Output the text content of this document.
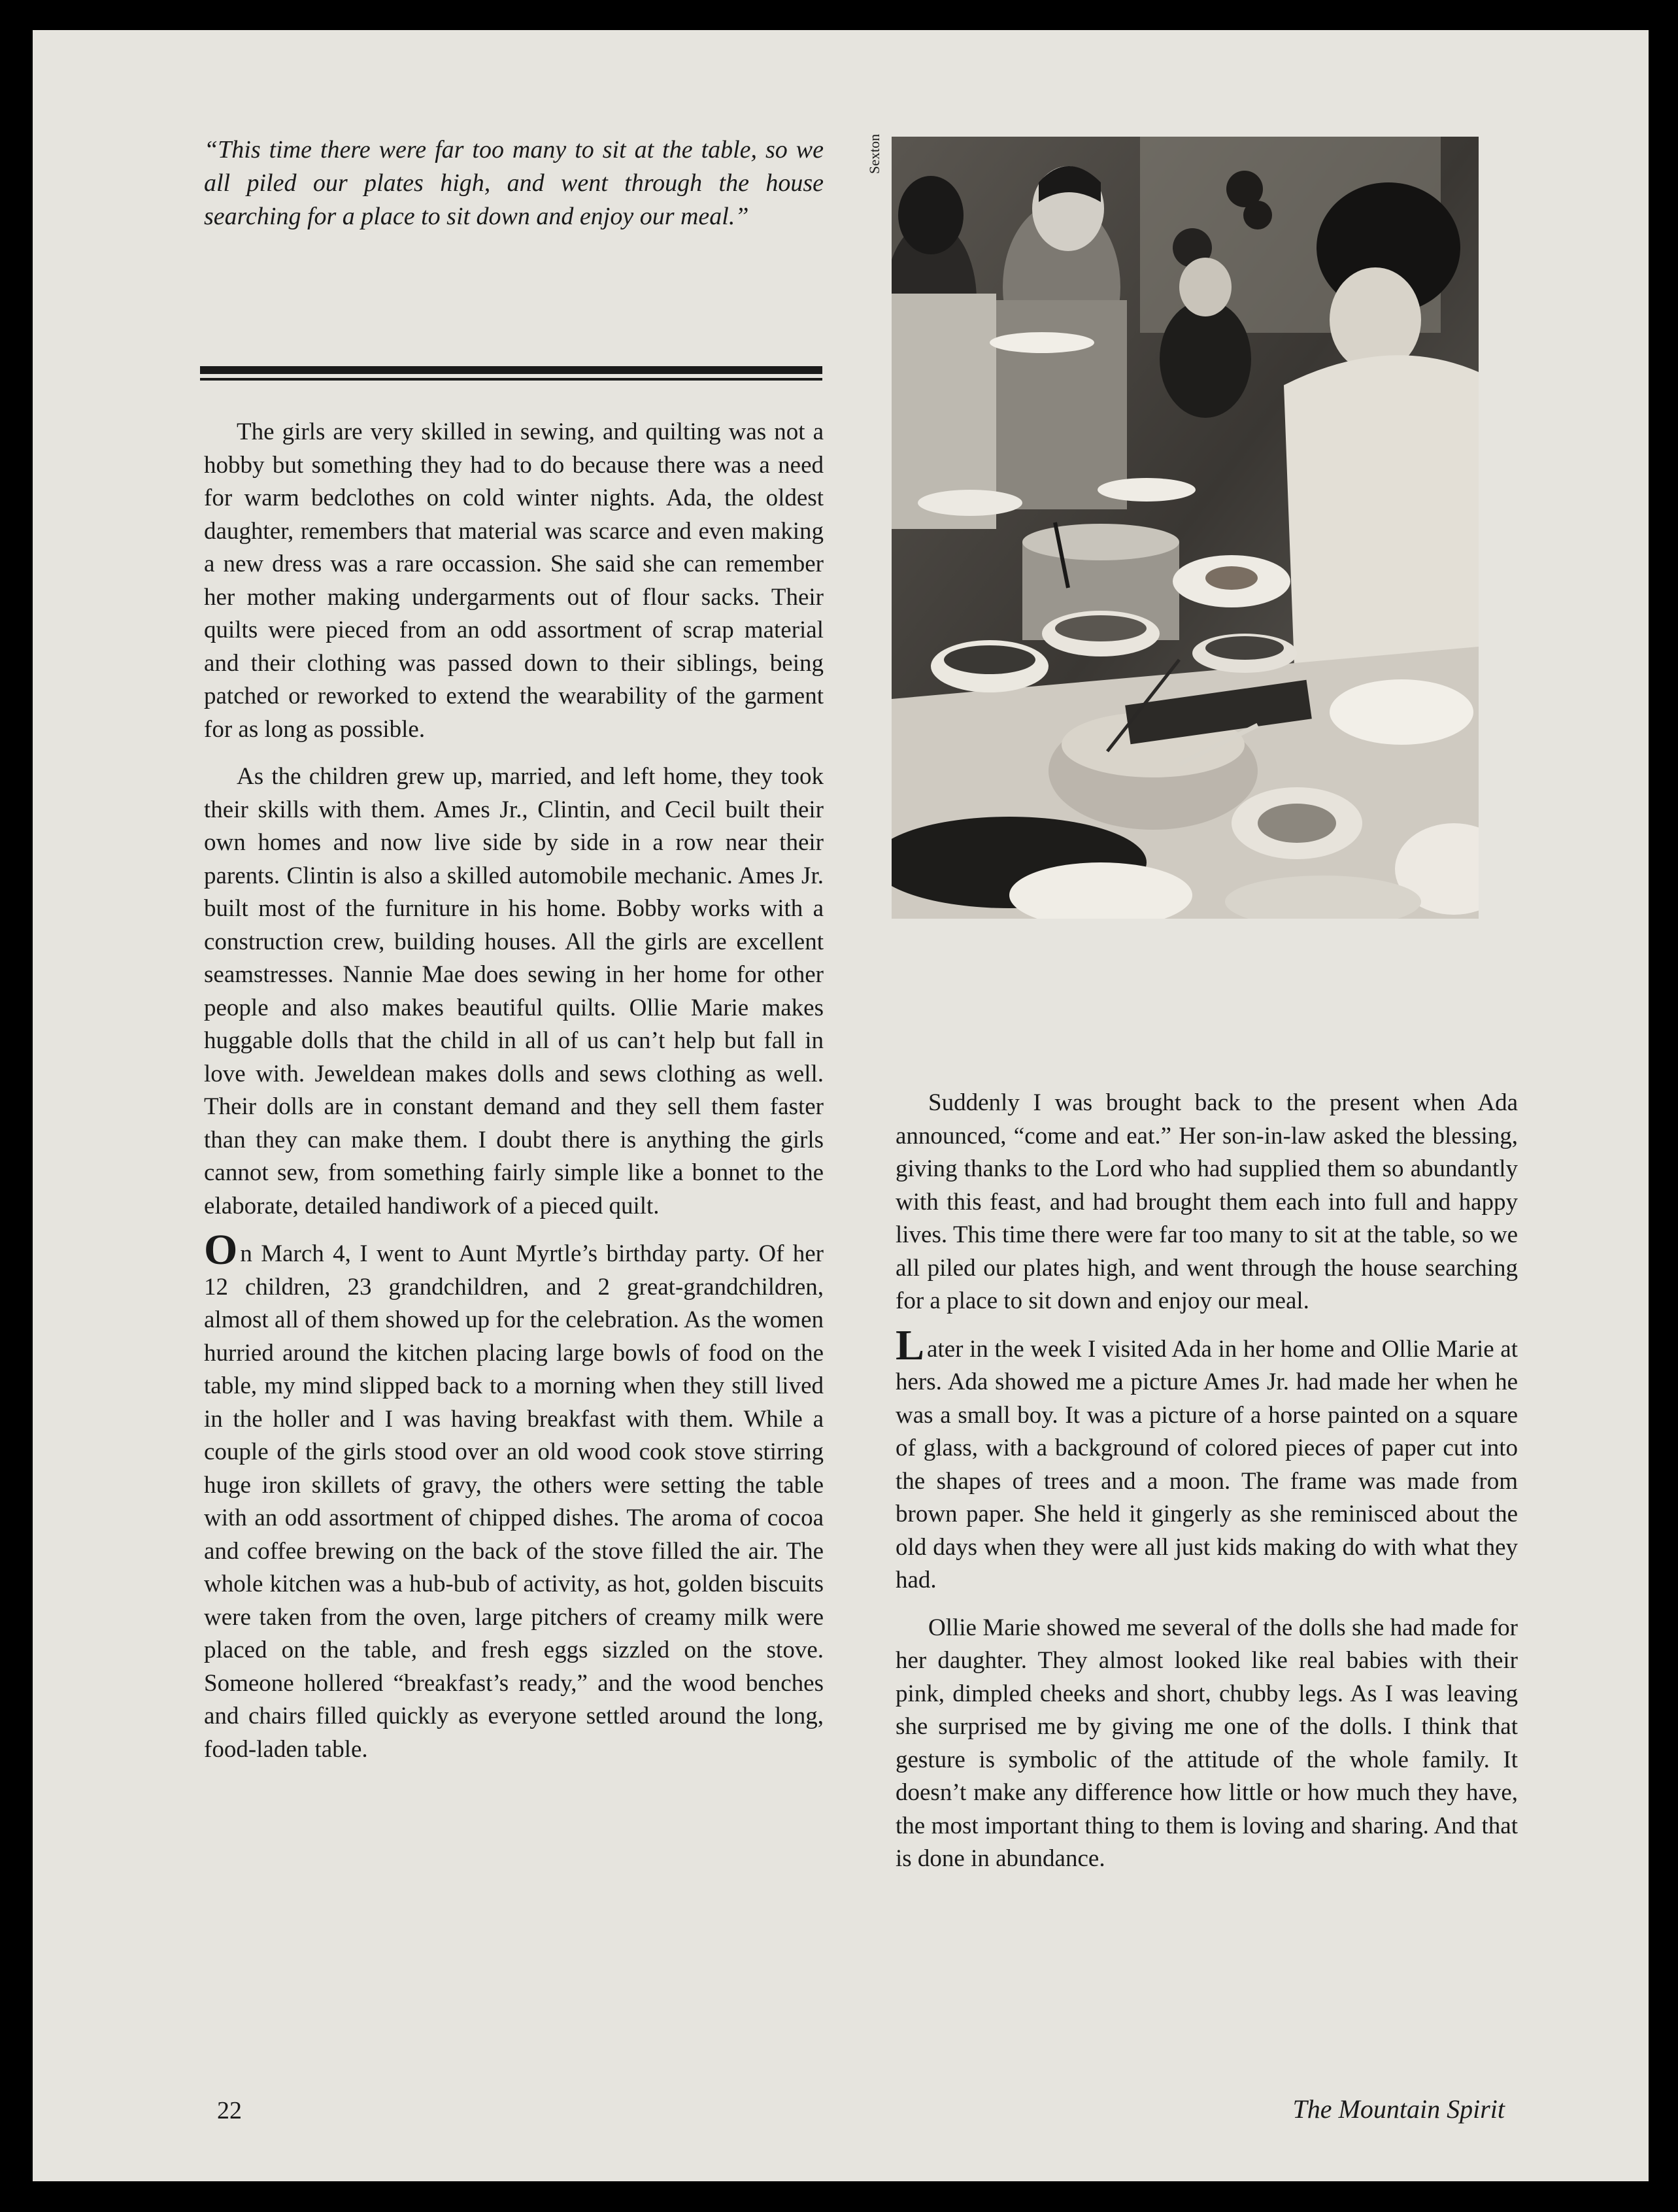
“This time there were far too many to sit at the table, so we all piled our plates high, and went through the house searching for a place to sit down and enjoy our meal.”

The girls are very skilled in sewing, and quilting was not a hobby but something they had to do because there was a need for warm bedclothes on cold winter nights. Ada, the oldest daughter, remembers that material was scarce and even making a new dress was a rare occassion. She said she can remember her mother making undergarments out of flour sacks. Their quilts were pieced from an odd assortment of scrap material and their clothing was passed down to their siblings, being patched or reworked to extend the wearability of the garment for as long as possible.

As the children grew up, married, and left home, they took their skills with them. Ames Jr., Clintin, and Cecil built their own homes and now live side by side in a row near their parents. Clintin is also a skilled automobile mechanic. Ames Jr. built most of the furniture in his home. Bobby works with a construction crew, building houses. All the girls are excellent seamstresses. Nannie Mae does sewing in her home for other people and also makes beautiful quilts. Ollie Marie makes huggable dolls that the child in all of us can’t help but fall in love with. Jeweldean makes dolls and sews clothing as well. Their dolls are in constant demand and they sell them faster than they can make them. I doubt there is anything the girls cannot sew, from something fairly simple like a bonnet to the elaborate, detailed handiwork of a pieced quilt.

On March 4, I went to Aunt Myrtle’s birthday party. Of her 12 children, 23 grandchildren, and 2 great-grandchildren, almost all of them showed up for the celebration. As the women hurried around the kitchen placing large bowls of food on the table, my mind slipped back to a morning when they still lived in the holler and I was having breakfast with them. While a couple of the girls stood over an old wood cook stove stirring huge iron skillets of gravy, the others were setting the table with an odd assortment of chipped dishes. The aroma of cocoa and coffee brewing on the back of the stove filled the air. The whole kitchen was a hub-bub of activity, as hot, golden biscuits were taken from the oven, large pitchers of creamy milk were placed on the table, and fresh eggs sizzled on the stove. Someone hollered “breakfast’s ready,” and the wood benches and chairs filled quickly as everyone settled around the long, food-laden table.

Sexton

Suddenly I was brought back to the present when Ada announced, “come and eat.” Her son-in-law asked the blessing, giving thanks to the Lord who had supplied them so abundantly with this feast, and had brought them each into full and happy lives. This time there were far too many to sit at the table, so we all piled our plates high, and went through the house searching for a place to sit down and enjoy our meal.

Later in the week I visited Ada in her home and Ollie Marie at hers. Ada showed me a picture Ames Jr. had made her when he was a small boy. It was a picture of a horse painted on a square of glass, with a background of colored pieces of paper cut into the shapes of trees and a moon. The frame was made from brown paper. She held it gingerly as she reminisced about the old days when they were all just kids making do with what they had.

Ollie Marie showed me several of the dolls she had made for her daughter. They almost looked like real babies with their pink, dimpled cheeks and short, chubby legs. As I was leaving she surprised me by giving me one of the dolls. I think that gesture is symbolic of the attitude of the whole family. It doesn’t make any difference how little or how much they have, the most important thing to them is loving and sharing. And that is done in abundance.

22	The Mountain Spirit
